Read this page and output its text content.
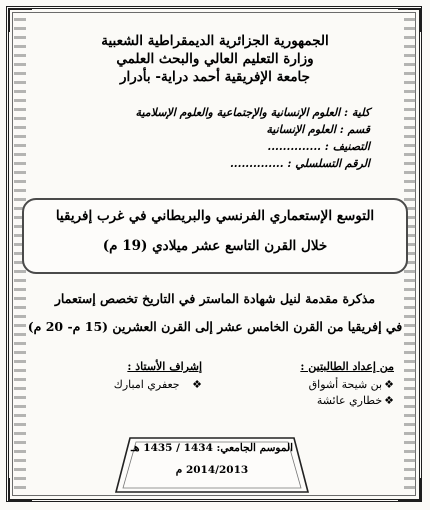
الجمهورية الجزائرية الديمقراطية الشعبية
وزارة التعليم العالي والبحث العلمي
جامعة الإفريقية أحمد دراية- بأدرار
كلية : العلوم الإنسانية والإجتماعية والعلوم الإسلامية
قسم : العلوم الإنسانية
التصنيف : ..............
الرقم التسلسلي : ..............
التوسع الإستعماري الفرنسي والبريطاني في غرب إفريقيا
خلال القرن التاسع عشر ميلادي (19 م)
مذكرة مقدمة لنيل شهادة الماستر في التاريخ تخصص إستعمار
في إفريقيا من القرن الخامس عشر إلى القرن العشرين (15 م- 20 م)
من إعداد الطالبتين :
❖بن شيحة أشواق
❖خطاري عائشة
إشراف الأستاذ :
❖   جعفري امبارك
الموسم الجامعي: 1434 / 1435 هـ
2014/2013 م
